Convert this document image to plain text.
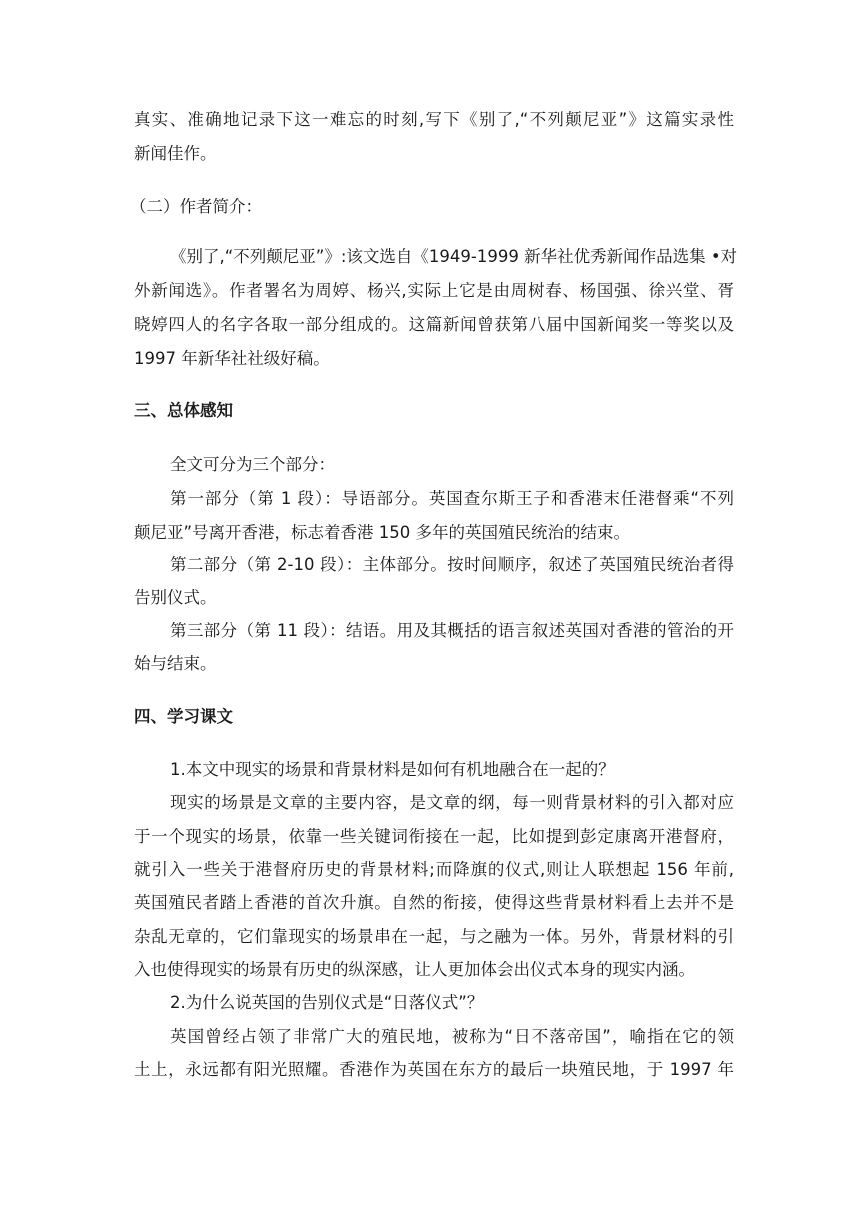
真实、准确地记录下这一难忘的时刻,写下《别了,“不列颠尼亚”》这篇实录性
新闻佳作。
（二）作者简介：
《别了,“不列颠尼亚”》:该文选自《1949-1999 新华社优秀新闻作品选集 •对
外新闻选》。作者署名为周婷、杨兴,实际上它是由周树春、杨国强、徐兴堂、胥
晓婷四人的名字各取一部分组成的。这篇新闻曾获第八届中国新闻奖一等奖以及
1997 年新华社社级好稿。
三、总体感知
全文可分为三个部分：
第一部分（第 1 段）：导语部分。英国查尔斯王子和香港末任港督乘“不列
颠尼亚”号离开香港，标志着香港 150 多年的英国殖民统治的结束。
第二部分（第 2-10 段）：主体部分。按时间顺序，叙述了英国殖民统治者得
告别仪式。
第三部分（第 11 段）：结语。用及其概括的语言叙述英国对香港的管治的开
始与结束。
四、学习课文
1.本文中现实的场景和背景材料是如何有机地融合在一起的？
现实的场景是文章的主要内容，是文章的纲，每一则背景材料的引入都对应
于一个现实的场景，依靠一些关键词衔接在一起，比如提到彭定康离开港督府，
就引入一些关于港督府历史的背景材料;而降旗的仪式,则让人联想起 156 年前,
英国殖民者踏上香港的首次升旗。自然的衔接，使得这些背景材料看上去并不是
杂乱无章的，它们靠现实的场景串在一起，与之融为一体。另外，背景材料的引
入也使得现实的场景有历史的纵深感，让人更加体会出仪式本身的现实内涵。
2.为什么说英国的告别仪式是“日落仪式”？
英国曾经占领了非常广大的殖民地，被称为“日不落帝国”，喻指在它的领
土上，永远都有阳光照耀。香港作为英国在东方的最后一块殖民地，于 1997 年
